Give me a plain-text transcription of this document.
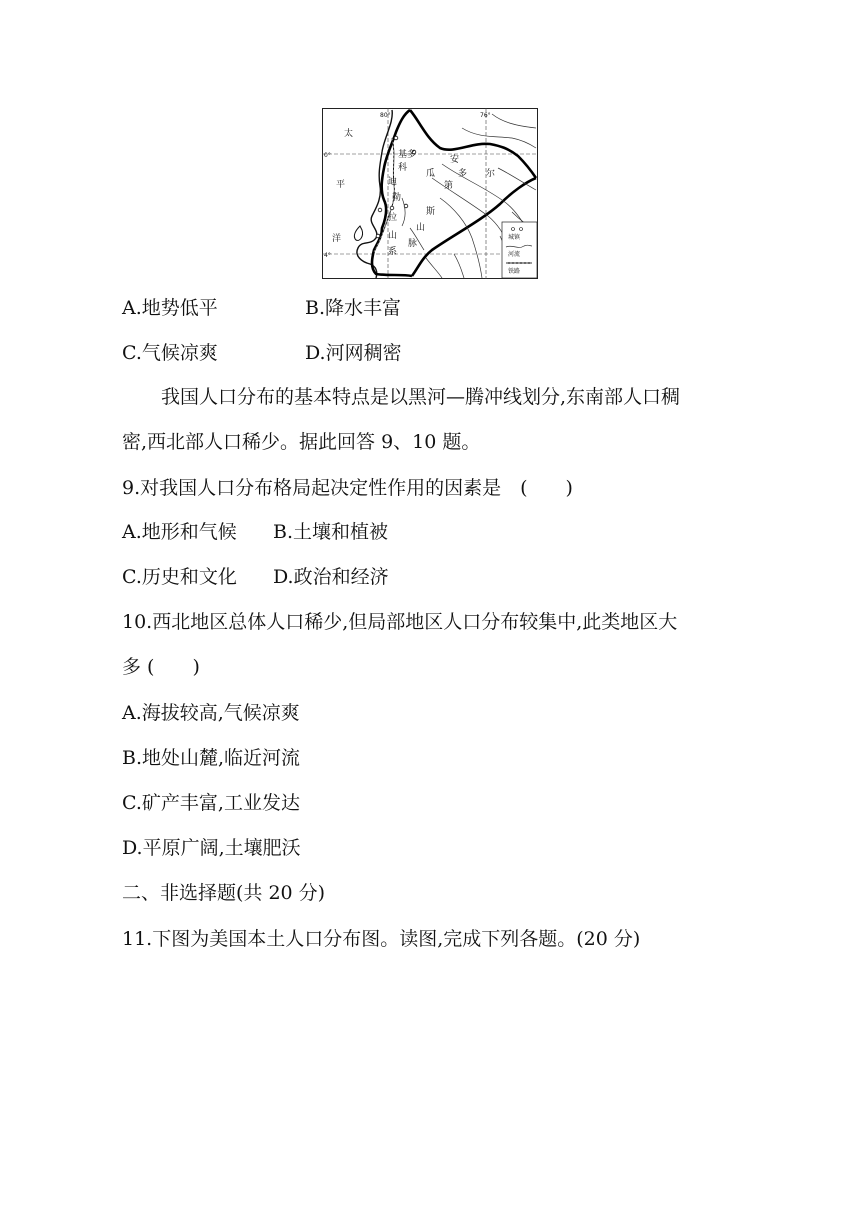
80°	76°
0°
4°
太
平
洋
基多
科
迪
勒
拉
山
系
斯
山
脉
安
第
瓜	多 尔
城镇
河流
铁路
A.地势低平	B.降水丰富
C.气候凉爽	D.河网稠密
我国人口分布的基本特点是以黑河—腾冲线划分,东南部人口稠
密,西北部人口稀少。据此回答 9、10 题。
9.对我国人口分布格局起决定性作用的因素是　(　　)
A.地形和气候 B.土壤和植被
C.历史和文化 D.政治和经济
10.西北地区总体人口稀少,但局部地区人口分布较集中,此类地区大
多 (　　)
A.海拔较高,气候凉爽
B.地处山麓,临近河流
C.矿产丰富,工业发达
D.平原广阔,土壤肥沃
二、非选择题(共 20 分)
11.下图为美国本土人口分布图。读图,完成下列各题。(20 分)
